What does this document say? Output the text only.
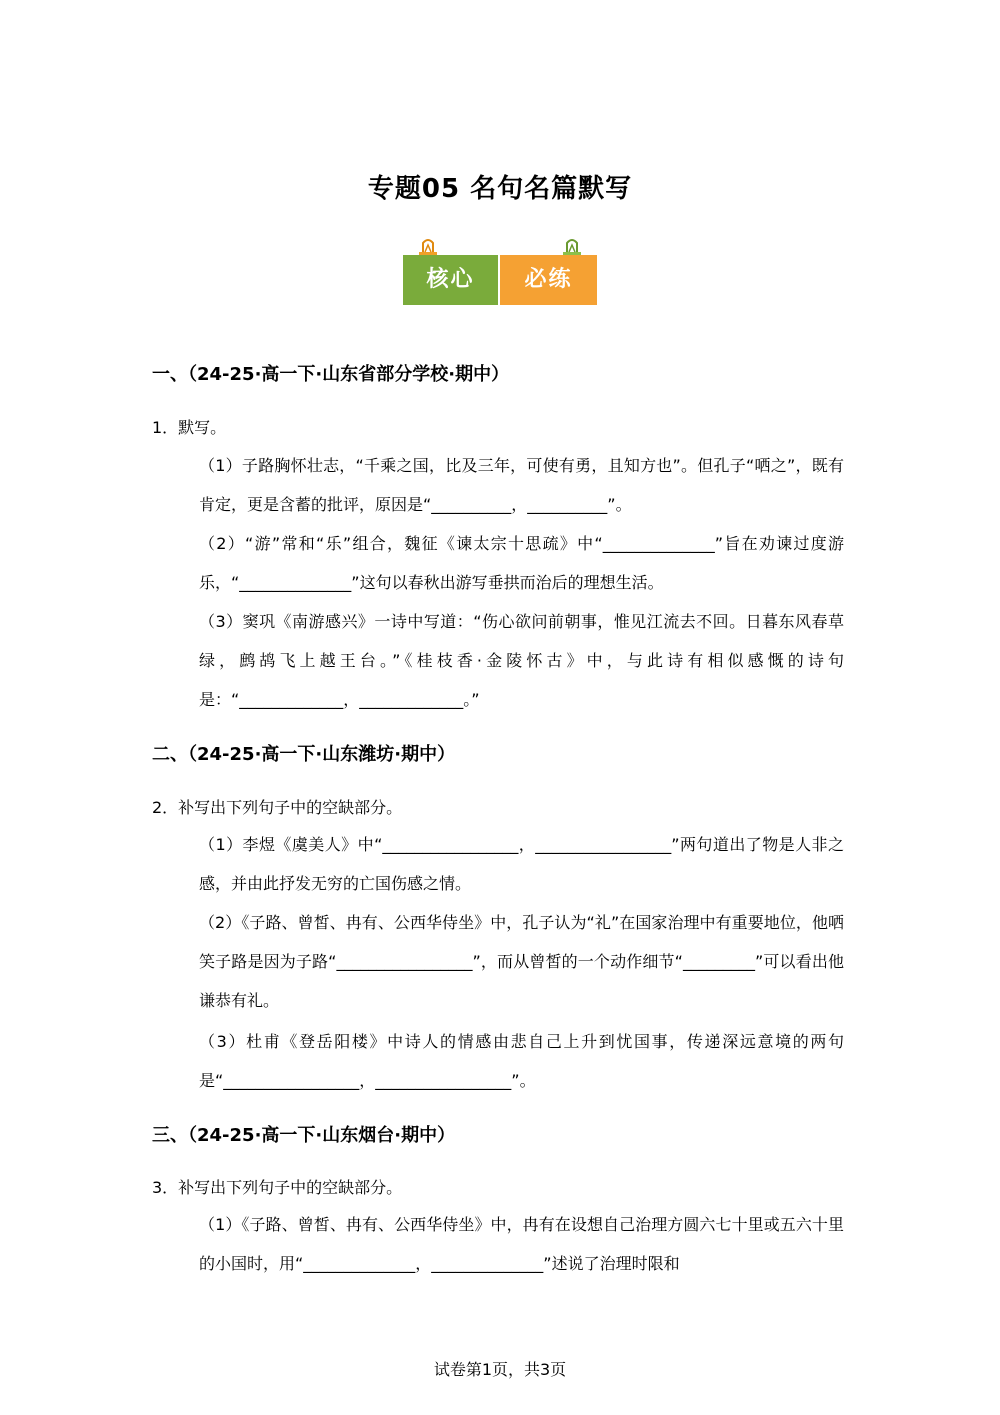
专题05 名句名篇默写
核心	必练
一、（24-25·高一下·山东省部分学校·期中）
1．默写。
（1）子路胸怀壮志，“千乘之国，比及三年，可使有勇，且知方也”。但孔子“哂之”，既有肯定，更是含蓄的批评，原因是“__________，__________”。
（2）“游”常和“乐”组合，魏征《谏太宗十思疏》中“______________”旨在劝谏过度游乐，“______________”这句以春秋出游写垂拱而治后的理想生活。
（3）窦巩《南游感兴》一诗中写道：“伤心欲问前朝事，惟见江流去不回。日暮东风春草绿，鹧鸪飞上越王台。”《桂枝香·金陵怀古》中，与此诗有相似感慨的诗句是：“_____________，_____________。”
二、（24-25·高一下·山东潍坊·期中）
2．补写出下列句子中的空缺部分。
（1）李煜《虞美人》中“_________________，_________________”两句道出了物是人非之感，并由此抒发无穷的亡国伤感之情。
（2）《子路、曾皙、冉有、公西华侍坐》中，孔子认为“礼”在国家治理中有重要地位，他哂笑子路是因为子路“_________________”，而从曾皙的一个动作细节“_________”可以看出他谦恭有礼。
（3）杜甫《登岳阳楼》中诗人的情感由悲自己上升到忧国事，传递深远意境的两句是“_________________，_________________”。
三、（24-25·高一下·山东烟台·期中）
3．补写出下列句子中的空缺部分。
（1）《子路、曾皙、冉有、公西华侍坐》中，冉有在设想自己治理方圆六七十里或五六十里的小国时，用“______________，______________”述说了治理时限和
试卷第1页，共3页
